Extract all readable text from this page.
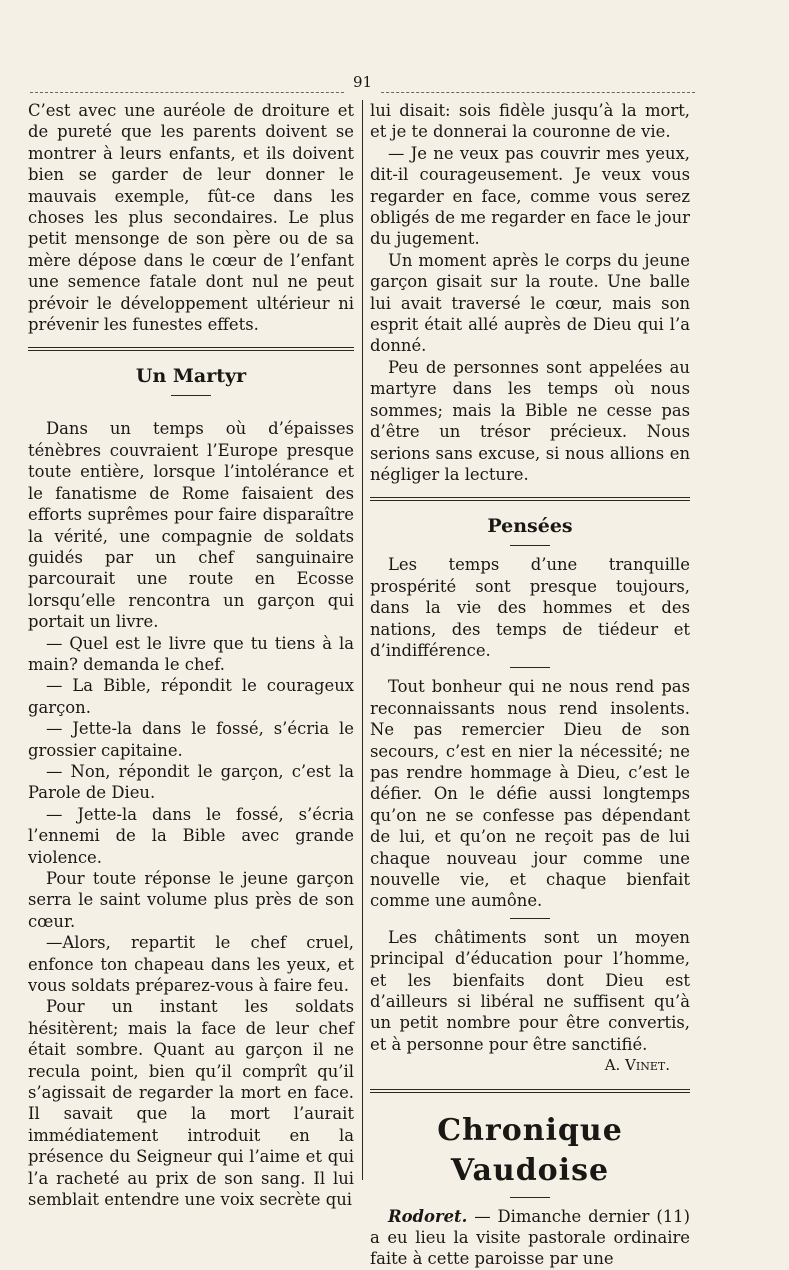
91

C’est avec une auréole de droiture et de pureté que les parents doivent se montrer à leurs enfants, et ils doivent bien se garder de leur donner le mauvais exemple, fût-ce dans les choses les plus secondaires. Le plus petit mensonge de son père ou de sa mère dépose dans le cœur de l’enfant une semence fatale dont nul ne peut prévoir le développement ultérieur ni prévenir les funestes effets.

Un Martyr

Dans un temps où d’épaisses ténèbres couvraient l’Europe presque toute entière, lorsque l’intolérance et le fanatisme de Rome faisaient des efforts suprêmes pour faire disparaître la vérité, une compagnie de soldats guidés par un chef sanguinaire parcourait une route en Ecosse lorsqu’elle rencontra un garçon qui portait un livre.

— Quel est le livre que tu tiens à la main? demanda le chef.

— La Bible, répondit le courageux garçon.

— Jette-la dans le fossé, s’écria le grossier capitaine.

— Non, répondit le garçon, c’est la Parole de Dieu.

— Jette-la dans le fossé, s’écria l’ennemi de la Bible avec grande violence.

Pour toute réponse le jeune garçon serra le saint volume plus près de son cœur.

—Alors, repartit le chef cruel, enfonce ton chapeau dans les yeux, et vous soldats préparez-vous à faire feu.

Pour un instant les soldats hésitèrent; mais la face de leur chef était sombre. Quant au garçon il ne recula point, bien qu’il comprît qu’il s’agissait de regarder la mort en face. Il savait que la mort l’aurait immédiatement introduit en la présence du Seigneur qui l’aime et qui l’a racheté au prix de son sang. Il lui semblait entendre une voix secrète qui

lui disait: sois fidèle jusqu’à la mort, et je te donnerai la couronne de vie.

— Je ne veux pas couvrir mes yeux, dit-il courageusement. Je veux vous regarder en face, comme vous serez obligés de me regarder en face le jour du jugement.

Un moment après le corps du jeune garçon gisait sur la route. Une balle lui avait traversé le cœur, mais son esprit était allé auprès de Dieu qui l’a donné.

Peu de personnes sont appelées au martyre dans les temps où nous sommes; mais la Bible ne cesse pas d’être un trésor précieux. Nous serions sans excuse, si nous allions en négliger la lecture.

Pensées

Les temps d’une tranquille prospérité sont presque toujours, dans la vie des hommes et des nations, des temps de tiédeur et d’indifférence.

Tout bonheur qui ne nous rend pas reconnaissants nous rend insolents. Ne pas remercier Dieu de son secours, c’est en nier la nécessité; ne pas rendre hommage à Dieu, c’est le défier. On le défie aussi longtemps qu’on ne se confesse pas dépendant de lui, et qu’on ne reçoit pas de lui chaque nouveau jour comme une nouvelle vie, et chaque bienfait comme une aumône.

Les châtiments sont un moyen principal d’éducation pour l’homme, et les bienfaits dont Dieu est d’ailleurs si libéral ne suffisent qu’à un petit nombre pour être convertis, et à personne pour être sanctifié.

A. Vinet.
Chronique Vaudoise

Rodoret. — Dimanche dernier (11) a eu lieu la visite pastorale ordinaire faite à cette paroisse par une
